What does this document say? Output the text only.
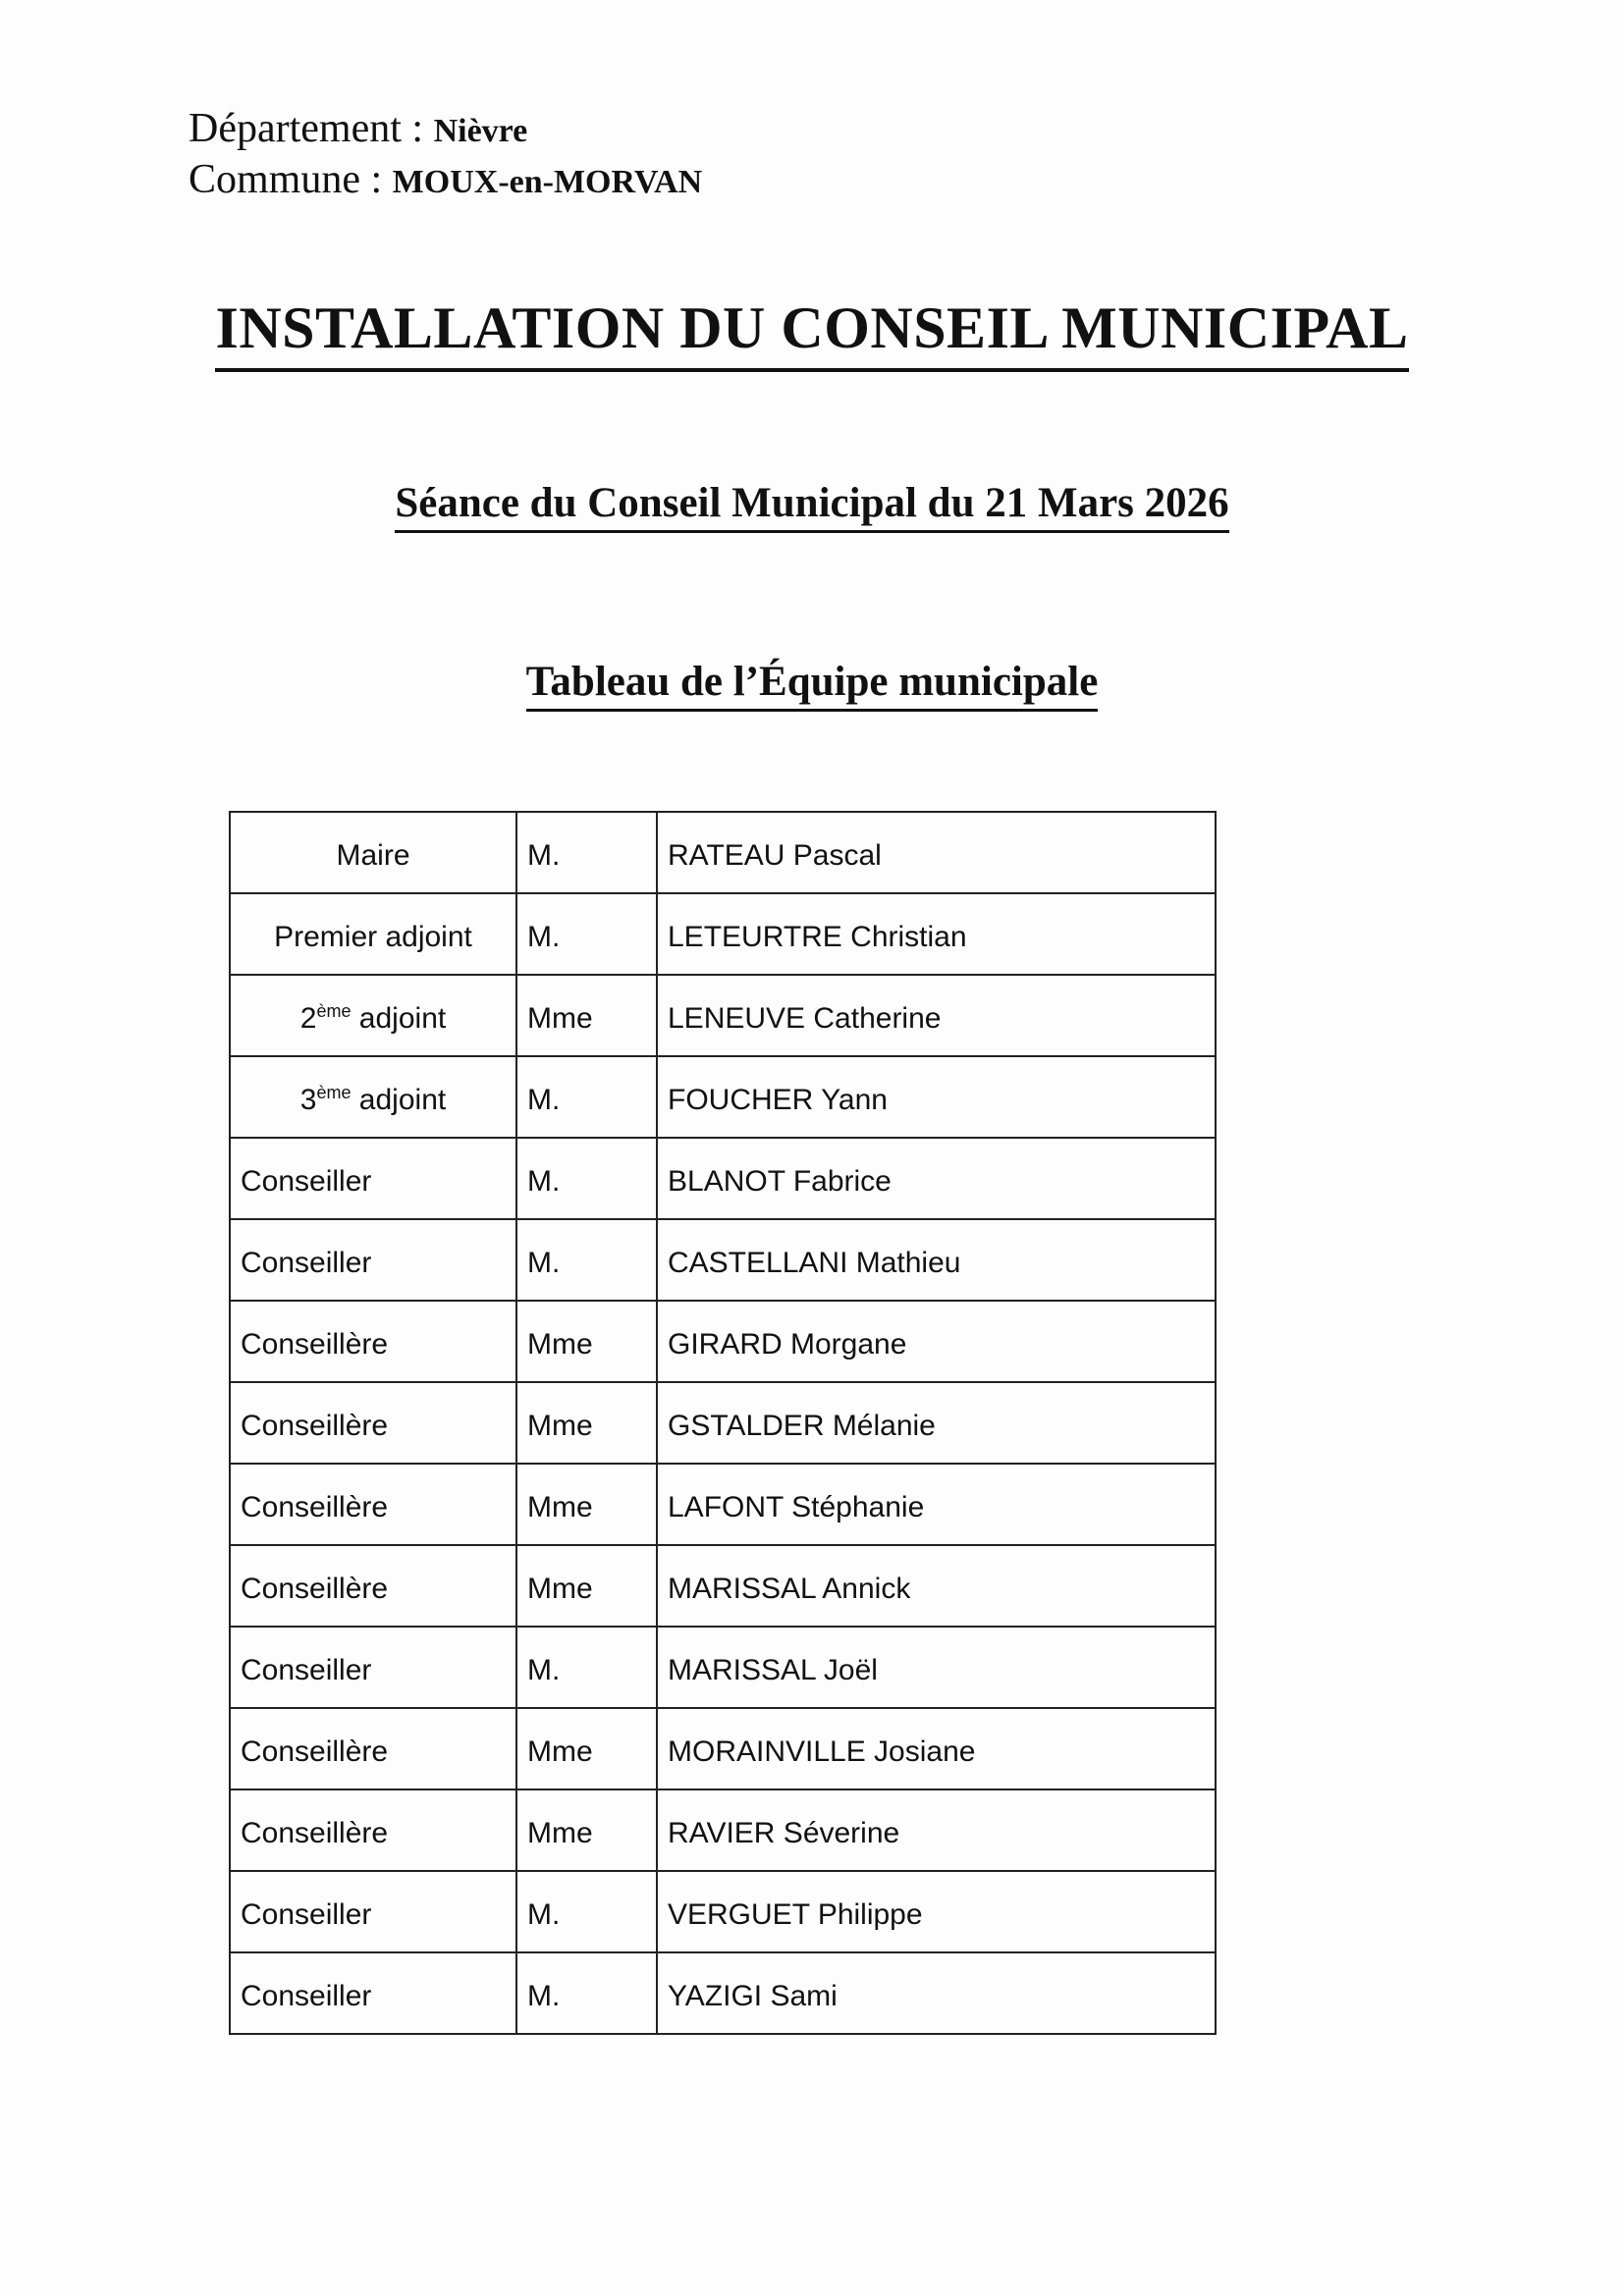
Département : Nièvre
Commune : MOUX-en-MORVAN
INSTALLATION DU CONSEIL MUNICIPAL
Séance du Conseil Municipal du 21 Mars 2026
Tableau de l’Équipe municipale
Maire	M.	RATEAU Pascal
Premier adjoint	M.	LETEURTRE Christian
2ème adjoint	Mme	LENEUVE Catherine
3ème adjoint	M.	FOUCHER Yann
Conseiller	M.	BLANOT Fabrice
Conseiller	M.	CASTELLANI Mathieu
Conseillère	Mme	GIRARD Morgane
Conseillère	Mme	GSTALDER Mélanie
Conseillère	Mme	LAFONT Stéphanie
Conseillère	Mme	MARISSAL Annick
Conseiller	M.	MARISSAL Joël
Conseillère	Mme	MORAINVILLE Josiane
Conseillère	Mme	RAVIER Séverine
Conseiller	M.	VERGUET Philippe
Conseiller	M.	YAZIGI Sami
